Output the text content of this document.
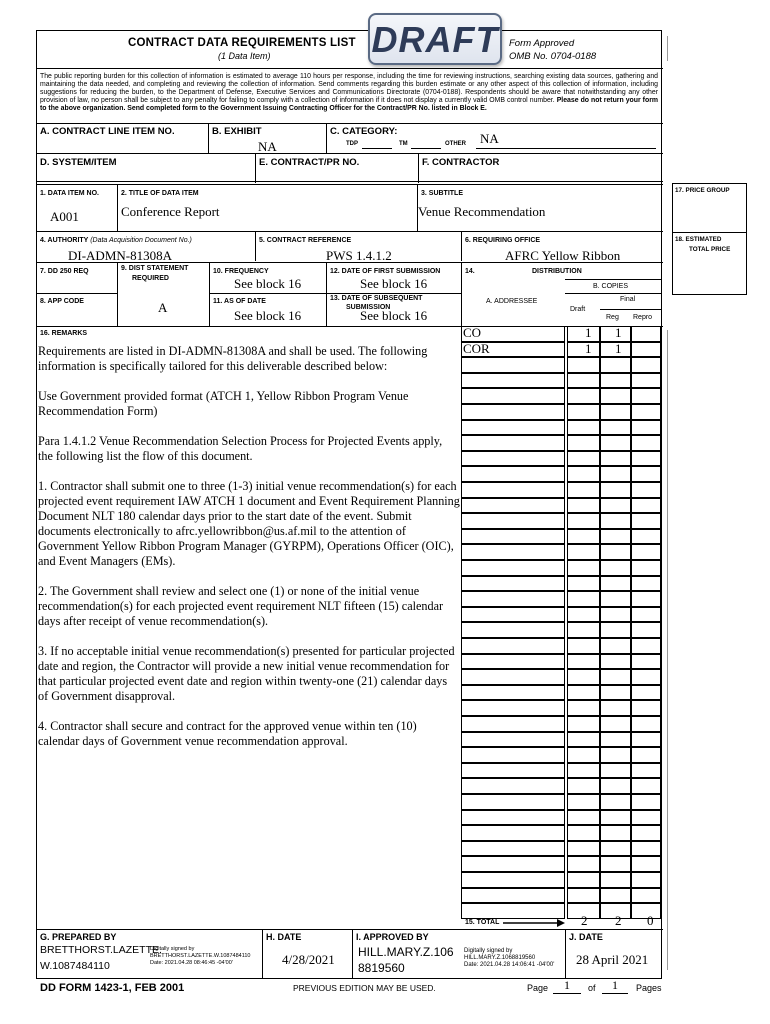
CONTRACT DATA REQUIREMENTS LIST
(1 Data Item)	DRAFT Form Approved
OMB No. 0704-0188
The public reporting burden for this collection of information is estimated to average 110 hours per response, including the time for reviewing instructions, searching existing data sources, gathering and maintaining the data needed, and completing and reviewing the collection of information. Send comments regarding this burden estimate or any other aspect of this collection of information, including suggestions for reducing the burden, to the Department of Defense, Executive Services and Communications Directorate (0704-0188). Respondents should be aware that notwithstanding any other provision of law, no person shall be subject to any penalty for failing to comply with a collection of information if it does not display a currently valid OMB control number. Please do not return your form to the above organization. Send completed form to the Government Issuing Contracting Officer for the Contract/PR No. listed in Block E.
A. CONTRACT LINE ITEM NO.	B. EXHIBIT
NA
C. CATEGORY:
TDP	TM	OTHER NA
D. SYSTEM/ITEM	E. CONTRACT/PR NO.	F. CONTRACTOR
1. DATA ITEM NO.
A001
2. TITLE OF DATA ITEM
Conference Report
3. SUBTITLE
Venue Recommendation
4. AUTHORITY (Data Acquisition Document No.)
DI-ADMN-81308A
5. CONTRACT REFERENCE
PWS 1.4.1.2
6. REQUIRING OFFICE
AFRC Yellow Ribbon
7. DD 250 REQ
8. APP CODE
9. DIST STATEMENT
REQUIRED
A
10. FREQUENCY
See block 16
11. AS OF DATE
See block 16
12. DATE OF FIRST SUBMISSION
See block 16
13. DATE OF SUBSEQUENT
SUBMISSION
See block 16
14.	DISTRIBUTION
B. COPIES
A. ADDRESSEE
Draft
Final
Reg Repro
16. REMARKS

Requirements are listed in DI-ADMN-81308A and shall be used. The following information is specifically tailored for this deliverable described below:

Use Government provided format (ATCH 1, Yellow Ribbon Program Venue Recommendation Form)

Para 1.4.1.2 Venue Recommendation Selection Process for Projected Events apply, the following list the flow of this document.

1. Contractor shall submit one to three (1-3) initial venue recommendation(s) for each projected event requirement IAW ATCH 1 document and Event Requirement Planning Document NLT 180 calendar days prior to the start date of the event. Submit documents electronically to afrc.yellowribbon@us.af.mil to the attention of Government Yellow Ribbon Program Manager (GYRPM), Operations Officer (OIC), and Event Managers (EMs).

2. The Government shall review and select one (1) or none of the initial venue recommendation(s) for each projected event requirement NLT fifteen (15) calendar days after receipt of venue recommendation(s).

3. If no acceptable initial venue recommendation(s) presented for particular projected date and region, the Contractor will provide a new initial venue recommendation for that particular projected event date and region within twenty-one (21) calendar days of Government disapproval.

4. Contractor shall secure and contract for the approved venue within ten (10) calendar days of Government venue recommendation approval.

CO	1 1
COR	1 1
15. TOTAL	2 2 0
G. PREPARED BY
BRETTHORST.LAZETTE.
W.1087484110
Digitally signed by
BRETTHORST.LAZETTE.W.1087484110
Date: 2021.04.28 08:46:45 -04'00'
H. DATE
4/28/2021
I. APPROVED BY
HILL.MARY.Z.106
8819560
Digitally signed by
HILL.MARY.Z.1068819560
Date: 2021.04.28 14:06:41 -04'00'
J. DATE
28 April 2021
17. PRICE GROUP
18. ESTIMATED
TOTAL PRICE
DD FORM 1423-1, FEB 2001	PREVIOUS EDITION MAY BE USED.	Page	1	of	1	Pages
